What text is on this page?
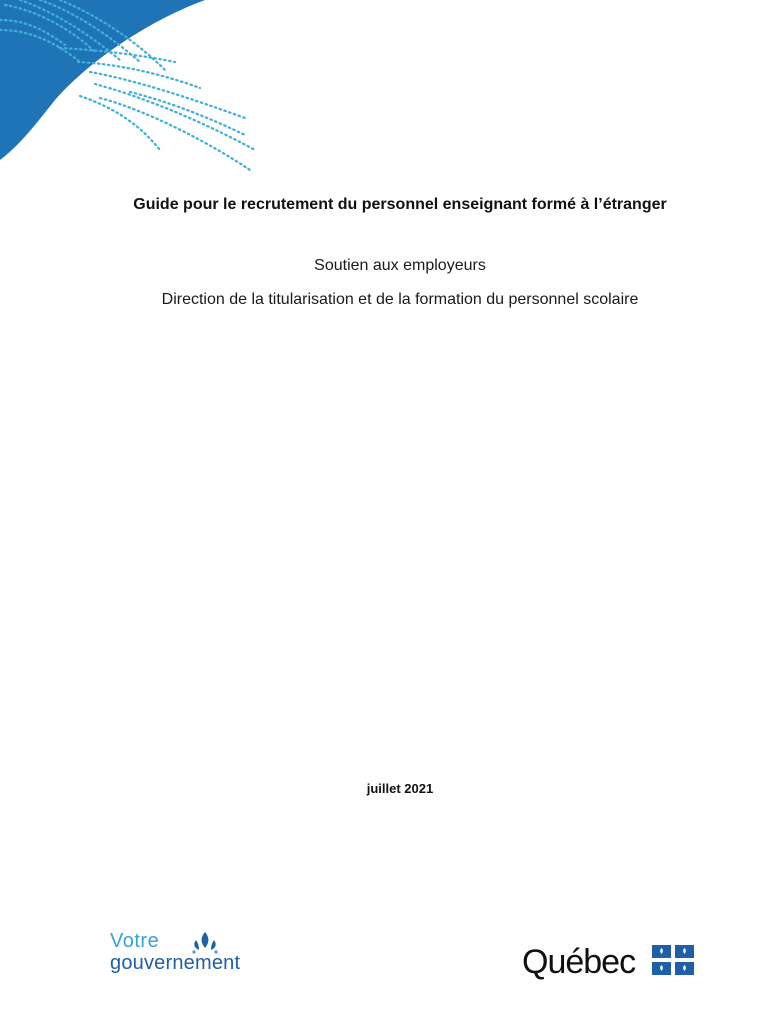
Guide pour le recrutement du personnel enseignant formé à l’étranger
Soutien aux employeurs
Direction de la titularisation et de la formation du personnel scolaire
juillet 2021
Votre
gouvernement	Québec
